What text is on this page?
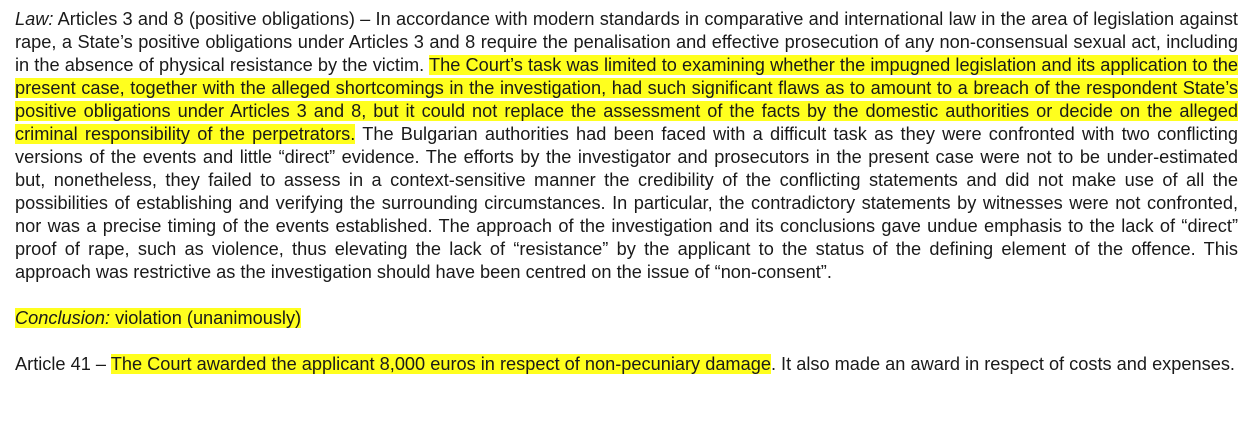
Law: Articles 3 and 8 (positive obligations) – In accordance with modern standards in comparative and international law in the area of legislation against rape, a State’s positive obligations under Articles 3 and 8 require the penalisation and effective prosecution of any non-consensual sexual act, including in the absence of physical resistance by the victim. The Court’s task was limited to examining whether the impugned legislation and its application to the present case, together with the alleged shortcomings in the investigation, had such significant flaws as to amount to a breach of the respondent State’s positive obligations under Articles 3 and 8, but it could not replace the assessment of the facts by the domestic authorities or decide on the alleged criminal responsibility of the perpetrators. The Bulgarian authorities had been faced with a difficult task as they were confronted with two conflicting versions of the events and little “direct” evidence. The efforts by the investigator and prosecutors in the present case were not to be under-estimated but, nonetheless, they failed to assess in a context-sensitive manner the credibility of the conflicting statements and did not make use of all the possibilities of establishing and verifying the surrounding circumstances. In particular, the contradictory statements by witnesses were not confronted, nor was a precise timing of the events established. The approach of the investigation and its conclusions gave undue emphasis to the lack of “direct” proof of rape, such as violence, thus elevating the lack of “resistance” by the applicant to the status of the defining element of the offence. This approach was restrictive as the investigation should have been centred on the issue of “non-consent”.

Conclusion: violation (unanimously)

Article 41 – The Court awarded the applicant 8,000 euros in respect of non-pecuniary damage. It also made an award in respect of costs and expenses.
